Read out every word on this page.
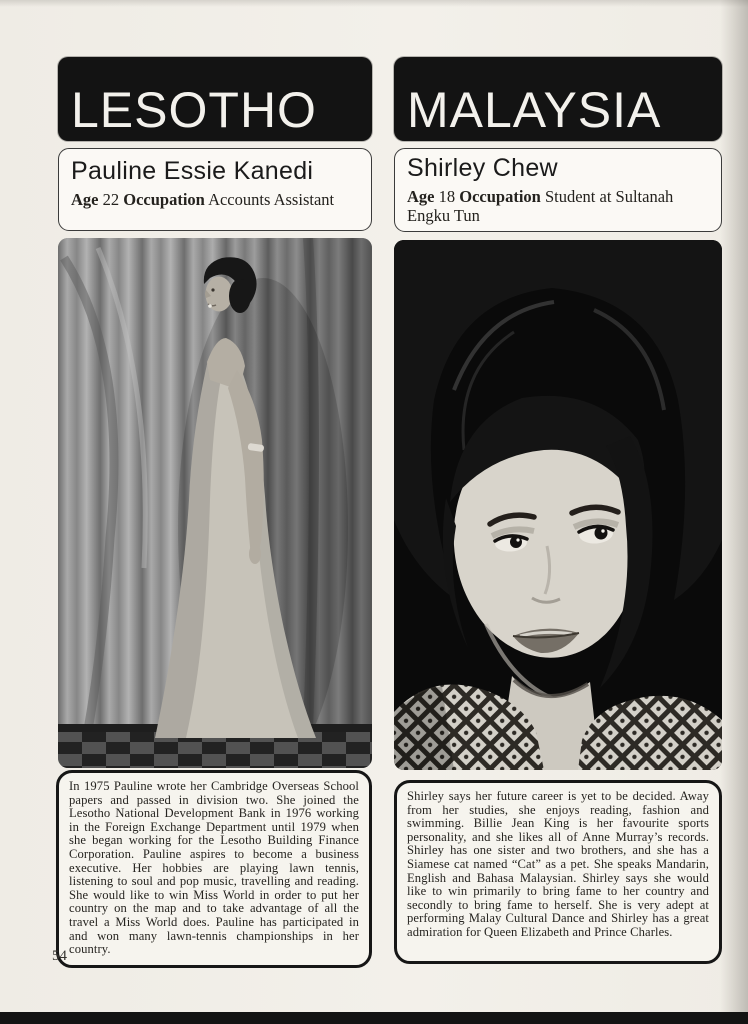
LESOTHO
Pauline Essie Kanedi
Age 22 Occupation Accounts Assistant
In 1975 Pauline wrote her Cambridge Overseas School papers and passed in division two. She joined the Lesotho National Development Bank in 1976 working in the Foreign Exchange Department until 1979 when she began working for the Lesotho Building Finance Corporation. Pauline aspires to become a business executive. Her hobbies are playing lawn tennis, listening to soul and pop music, travelling and reading. She would like to win Miss World in order to put her country on the map and to take advantage of all the travel a Miss World does. Pauline has participated in and won many lawn-tennis championships in her country.
MALAYSIA
Shirley Chew
Age 18 Occupation Student at Sultanah Engku Tun
Shirley says her future career is yet to be decided. Away from her studies, she enjoys reading, fashion and swimming. Billie Jean King is her favourite sports personality, and she likes all of Anne Murray’s records. Shirley has one sister and two brothers, and she has a Siamese cat named “Cat” as a pet. She speaks Mandarin, English and Bahasa Malaysian. Shirley says she would like to win primarily to bring fame to her country and secondly to bring fame to herself. She is very adept at performing Malay Cultural Dance and Shirley has a great admiration for Queen Elizabeth and Prince Charles.
54
